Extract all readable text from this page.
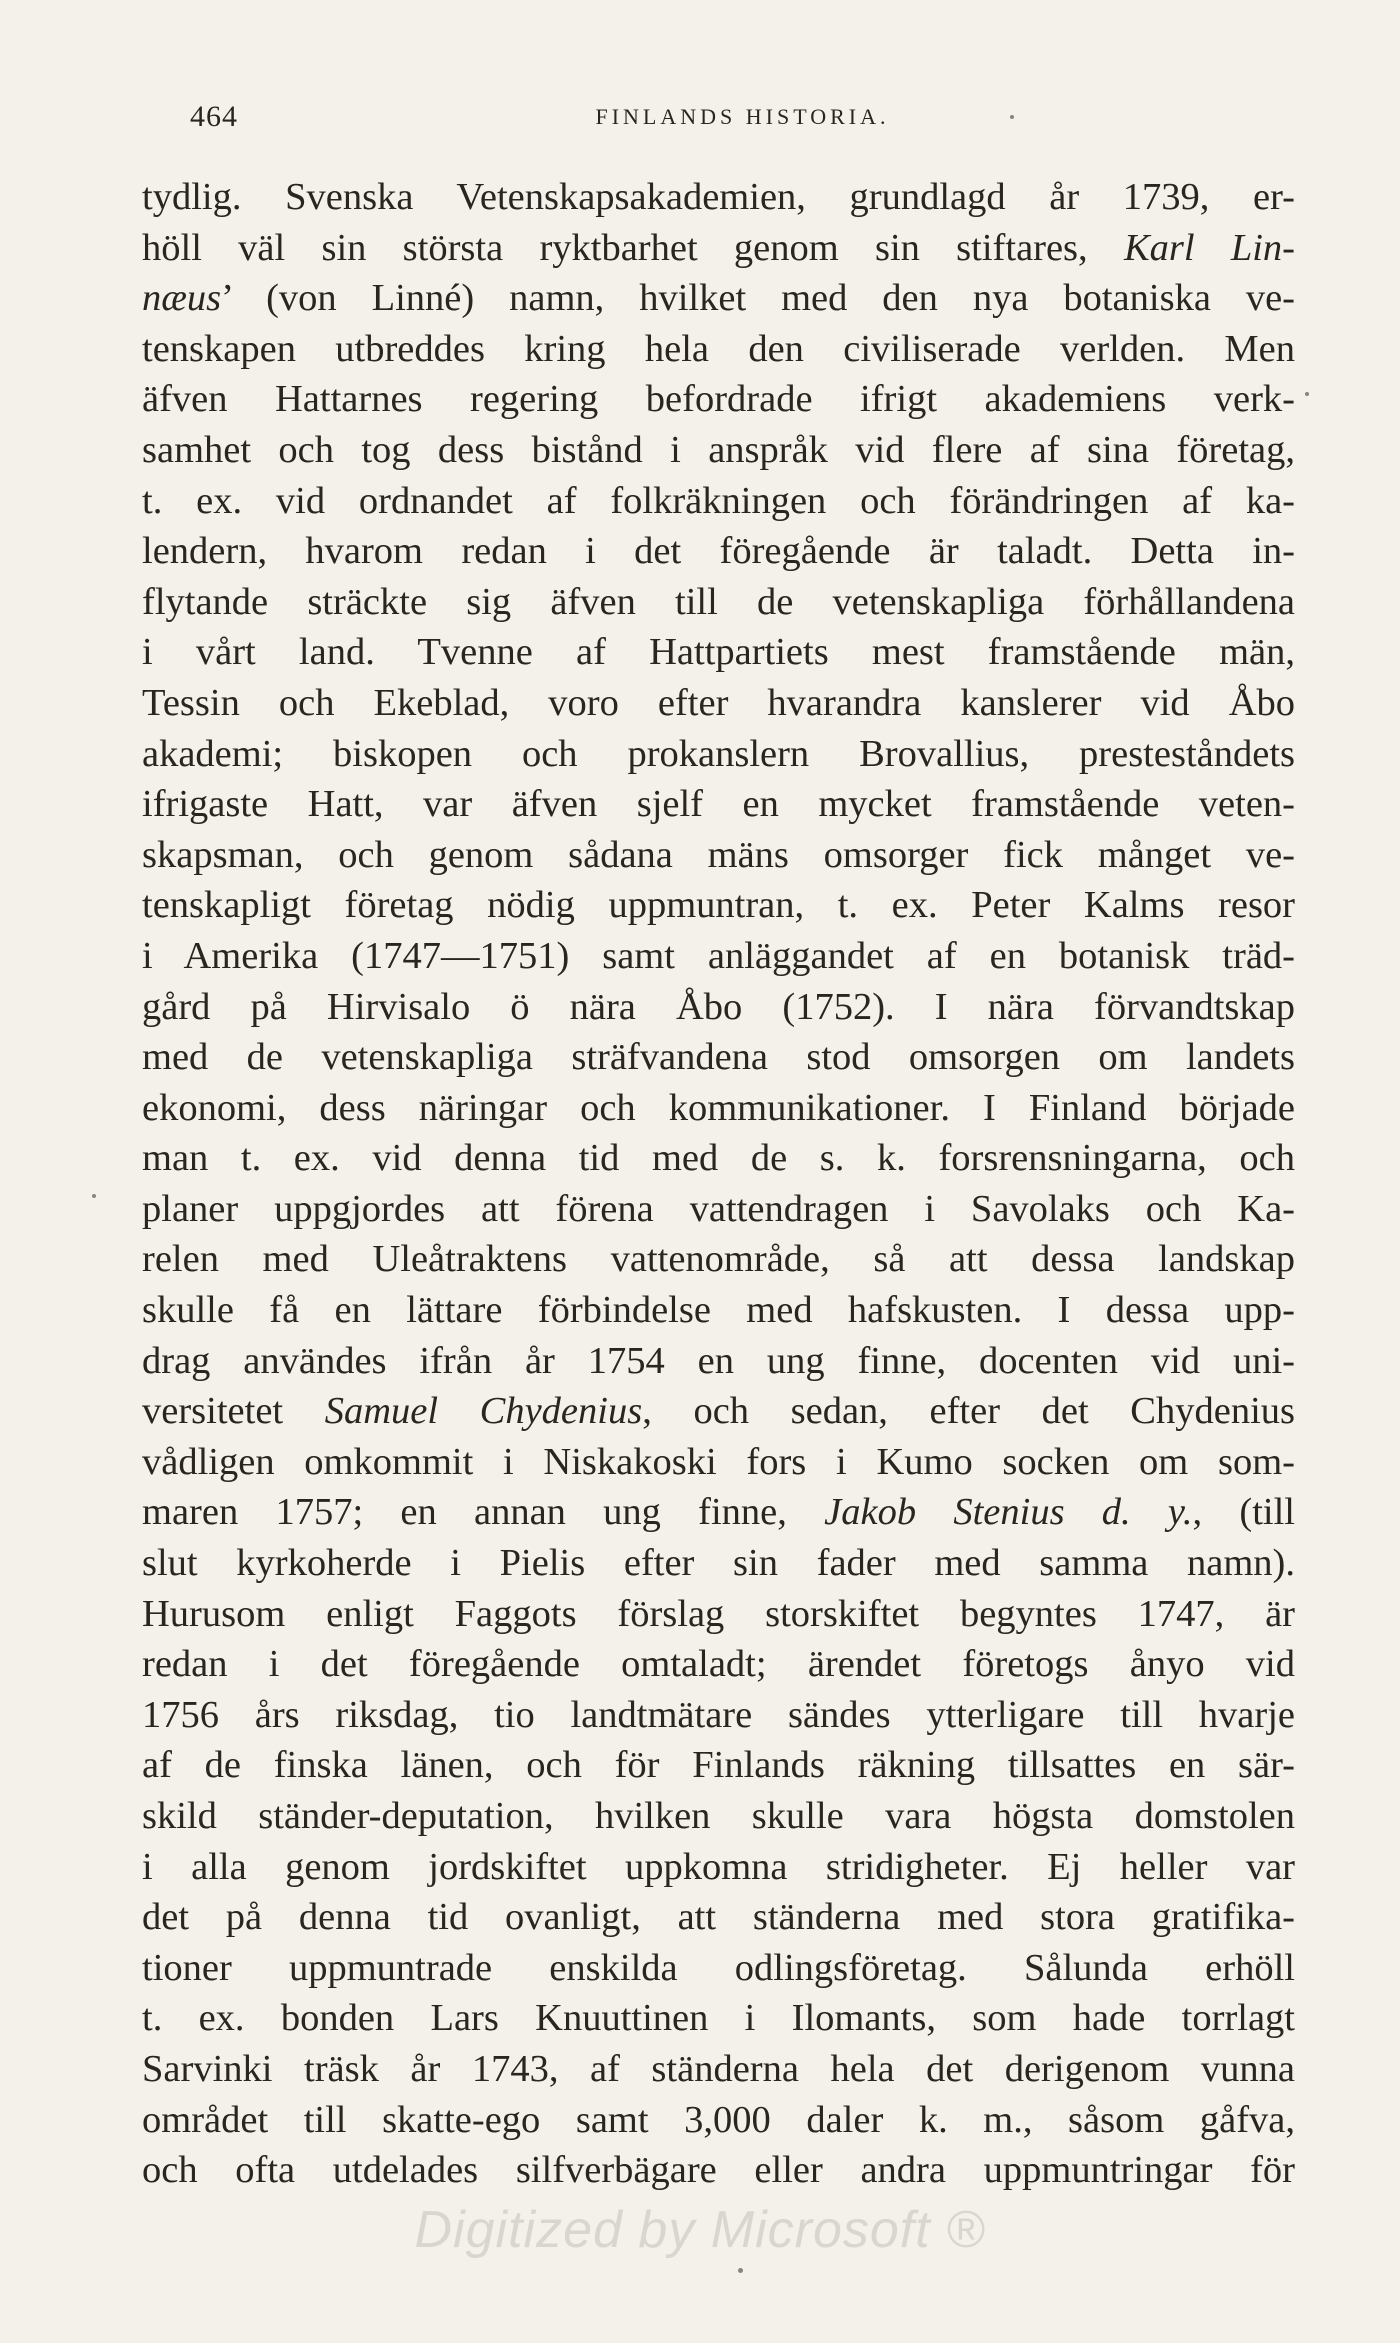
464	FINLANDS HISTORIA.
tydlig. Svenska Vetenskapsakademien, grundlagd år 1739, er-
höll väl sin största ryktbarhet genom sin stiftares, Karl Lin-
næus’ (von Linné) namn, hvilket med den nya botaniska ve-
tenskapen utbreddes kring hela den civiliserade verlden. Men
äfven Hattarnes regering befordrade ifrigt akademiens verk-
samhet och tog dess bistånd i anspråk vid flere af sina företag,
t. ex. vid ordnandet af folkräkningen och förändringen af ka-
lendern, hvarom redan i det föregående är taladt. Detta in-
flytande sträckte sig äfven till de vetenskapliga förhållandena
i vårt land. Tvenne af Hattpartiets mest framstående män,
Tessin och Ekeblad, voro efter hvarandra kanslerer vid Åbo
akademi; biskopen och prokanslern Brovallius, presteståndets
ifrigaste Hatt, var äfven sjelf en mycket framstående veten-
skapsman, och genom sådana mäns omsorger fick månget ve-
tenskapligt företag nödig uppmuntran, t. ex. Peter Kalms resor
i Amerika (1747—1751) samt anläggandet af en botanisk träd-
gård på Hirvisalo ö nära Åbo (1752). I nära förvandtskap
med de vetenskapliga sträfvandena stod omsorgen om landets
ekonomi, dess näringar och kommunikationer. I Finland började
man t. ex. vid denna tid med de s. k. forsrensningarna, och
planer uppgjordes att förena vattendragen i Savolaks och Ka-
relen med Uleåtraktens vattenområde, så att dessa landskap
skulle få en lättare förbindelse med hafskusten. I dessa upp-
drag användes ifrån år 1754 en ung finne, docenten vid uni-
versitetet Samuel Chydenius, och sedan, efter det Chydenius
vådligen omkommit i Niskakoski fors i Kumo socken om som-
maren 1757; en annan ung finne, Jakob Stenius d. y., (till
slut kyrkoherde i Pielis efter sin fader med samma namn).
Hurusom enligt Faggots förslag storskiftet begyntes 1747, är
redan i det föregående omtaladt; ärendet företogs ånyo vid
1756 års riksdag, tio landtmätare sändes ytterligare till hvarje
af de finska länen, och för Finlands räkning tillsattes en sär-
skild ständer-deputation, hvilken skulle vara högsta domstolen
i alla genom jordskiftet uppkomna stridigheter. Ej heller var
det på denna tid ovanligt, att ständerna med stora gratifika-
tioner uppmuntrade enskilda odlingsföretag. Sålunda erhöll
t. ex. bonden Lars Knuuttinen i Ilomants, som hade torrlagt
Sarvinki träsk år 1743, af ständerna hela det derigenom vunna
området till skatte-ego samt 3,000 daler k. m., såsom gåfva,
och ofta utdelades silfverbägare eller andra uppmuntringar för
Digitized by Microsoft ®
